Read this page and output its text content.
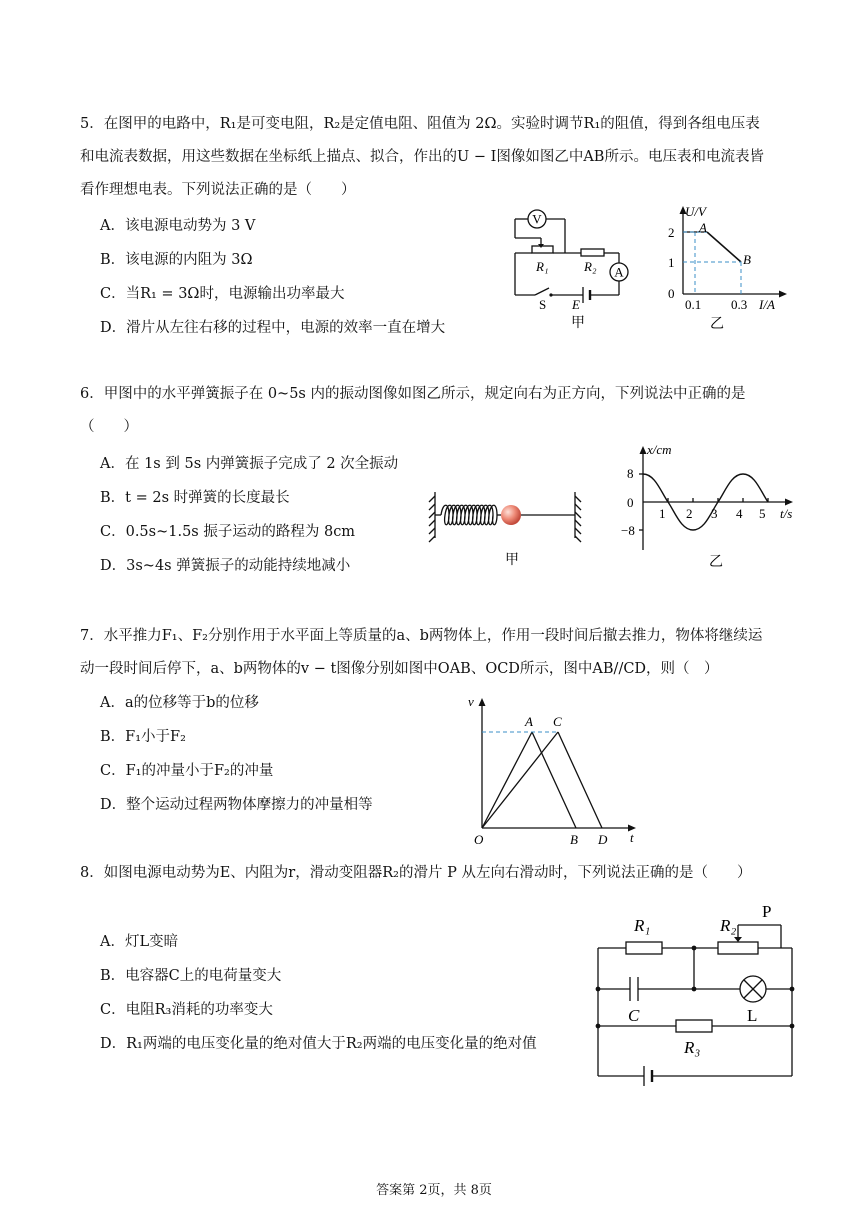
5．在图甲的电路中，R₁是可变电阻，R₂是定值电阻、阻值为 2Ω。实验时调节R₁的阻值，得到各组电压表
和电流表数据，用这些数据在坐标纸上描点、拟合，作出的U − I图像如图乙中AB所示。电压表和电流表皆
看作理想电表。下列说法正确的是（　　）
A．该电源电动势为 3 V
B．该电源的内阻为 3Ω
C．当R₁ = 3Ω时，电源输出功率最大
D．滑片从左往右移的过程中，电源的效率一直在增大
V
A
R₁	R₂
S E
甲
U/V
2
1
0
0.1 0.3 I/A
A
B
乙
6．甲图中的水平弹簧振子在 0~5s 内的振动图像如图乙所示，规定向右为正方向，下列说法中正确的是
（　　）
A．在 1s 到 5s 内弹簧振子完成了 2 次全振动
B．t = 2s 时弹簧的长度最长
C．0.5s~1.5s 振子运动的路程为 8cm
D．3s~4s 弹簧振子的动能持续地减小	甲
x/cm
8
0
−8
1 2 3 4 5 t/s
乙
7．水平推力F₁、F₂分别作用于水平面上等质量的a、b两物体上，作用一段时间后撤去推力，物体将继续运
动一段时间后停下，a、b两物体的v − t图像分别如图中OAB、OCD所示，图中AB//CD，则（　）
A．a的位移等于b的位移
B．F₁小于F₂
C．F₁的冲量小于F₂的冲量
D．整个运动过程两物体摩擦力的冲量相等
v
t
O
A C
B D
8．如图电源电动势为E、内阻为r，滑动变阻器R₂的滑片 P 从左向右滑动时，下列说法正确的是（　　）
A．灯L变暗
B．电容器C上的电荷量变大
C．电阻R₃消耗的功率变大
D．R₁两端的电压变化量的绝对值大于R₂两端的电压变化量的绝对值
R₁	R₂
P
C	L
R₃
答案第 2页，共 8页
